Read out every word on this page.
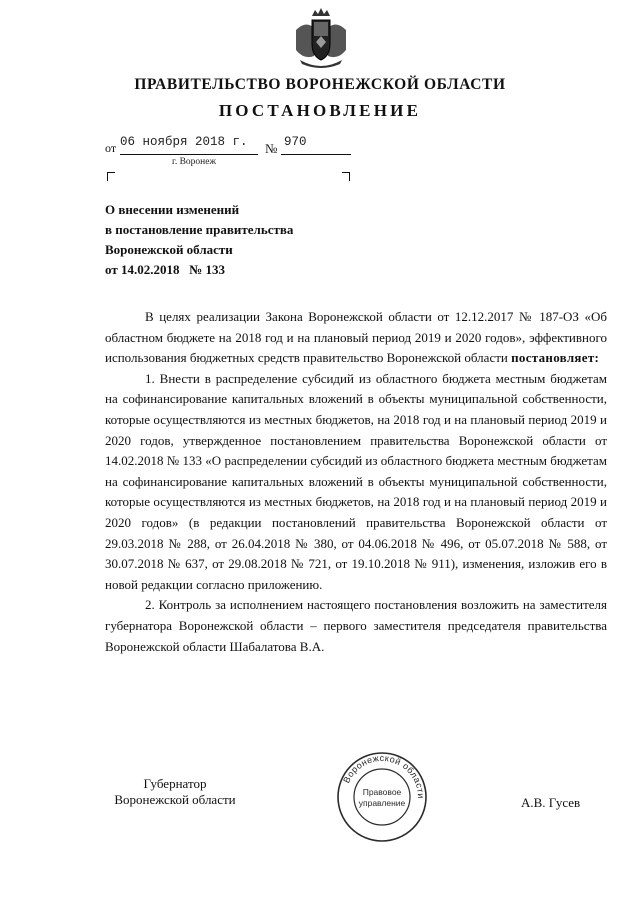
ПРАВИТЕЛЬСТВО ВОРОНЕЖСКОЙ ОБЛАСТИ
ПОСТАНОВЛЕНИЕ
от 06 ноября 2018 г. № 970
г. Воронеж
О внесении изменений
в постановление правительства
Воронежской области
от 14.02.2018   № 133

В целях реализации Закона Воронежской области от 12.12.2017 № 187-ОЗ «Об областном бюджете на 2018 год и на плановый период 2019 и 2020 годов», эффективного использования бюджетных средств правительство Воронежской области постановляет:

1. Внести в распределение субсидий из областного бюджета местным бюджетам на софинансирование капитальных вложений в объекты муниципальной собственности, которые осуществляются из местных бюджетов, на 2018 год и на плановый период 2019 и 2020 годов, утвержденное постановлением правительства Воронежской области от 14.02.2018 № 133 «О распределении субсидий из областного бюджета местным бюджетам на софинансирование капитальных вложений в объекты муниципальной собственности, которые осуществляются из местных бюджетов, на 2018 год и на плановый период 2019 и 2020 годов» (в редакции постановлений правительства Воронежской области от 29.03.2018 № 288, от 26.04.2018 № 380, от 04.06.2018 № 496, от 05.07.2018 № 588, от 30.07.2018 № 637, от 29.08.2018 № 721, от 19.10.2018 № 911), изменения, изложив его в новой редакции согласно приложению.

2. Контроль за исполнением настоящего постановления возложить на заместителя губернатора Воронежской области – первого заместителя председателя правительства Воронежской области Шабалатова В.А.

Губернатор
Воронежской области	А.В. Гусев
Воронежской области
Правовое
управление
